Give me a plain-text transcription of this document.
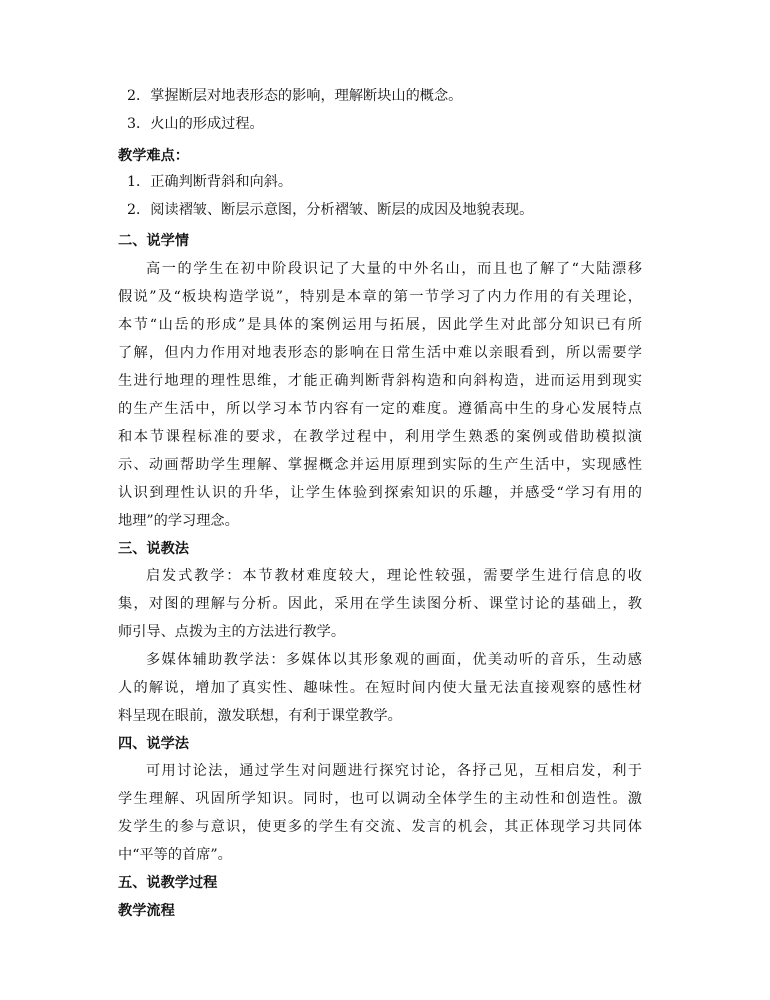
2．掌握断层对地表形态的影响，理解断块山的概念。
3．火山的形成过程。
教学难点：
1．正确判断背斜和向斜。
2．阅读褶皱、断层示意图，分析褶皱、断层的成因及地貌表现。
二、说学情
高一的学生在初中阶段识记了大量的中外名山，而且也了解了“大陆漂移
假说”及“板块构造学说”，特别是本章的第一节学习了内力作用的有关理论，
本节“山岳的形成”是具体的案例运用与拓展，因此学生对此部分知识已有所
了解，但内力作用对地表形态的影响在日常生活中难以亲眼看到，所以需要学
生进行地理的理性思维，才能正确判断背斜构造和向斜构造，进而运用到现实
的生产生活中，所以学习本节内容有一定的难度。遵循高中生的身心发展特点
和本节课程标准的要求，在教学过程中，利用学生熟悉的案例或借助模拟演
示、动画帮助学生理解、掌握概念并运用原理到实际的生产生活中，实现感性
认识到理性认识的升华，让学生体验到探索知识的乐趣，并感受“学习有用的
地理”的学习理念。
三、说教法
启发式教学：本节教材难度较大，理论性较强，需要学生进行信息的收
集，对图的理解与分析。因此，采用在学生读图分析、课堂讨论的基础上，教
师引导、点拨为主的方法进行教学。
多媒体辅助教学法：多媒体以其形象观的画面，优美动听的音乐，生动感
人的解说，增加了真实性、趣味性。在短时间内使大量无法直接观察的感性材
料呈现在眼前，激发联想，有利于课堂教学。
四、说学法
可用讨论法，通过学生对问题进行探究讨论，各抒己见，互相启发，利于
学生理解、巩固所学知识。同时，也可以调动全体学生的主动性和创造性。激
发学生的参与意识，使更多的学生有交流、发言的机会，其正体现学习共同体
中“平等的首席”。
五、说教学过程
教学流程
